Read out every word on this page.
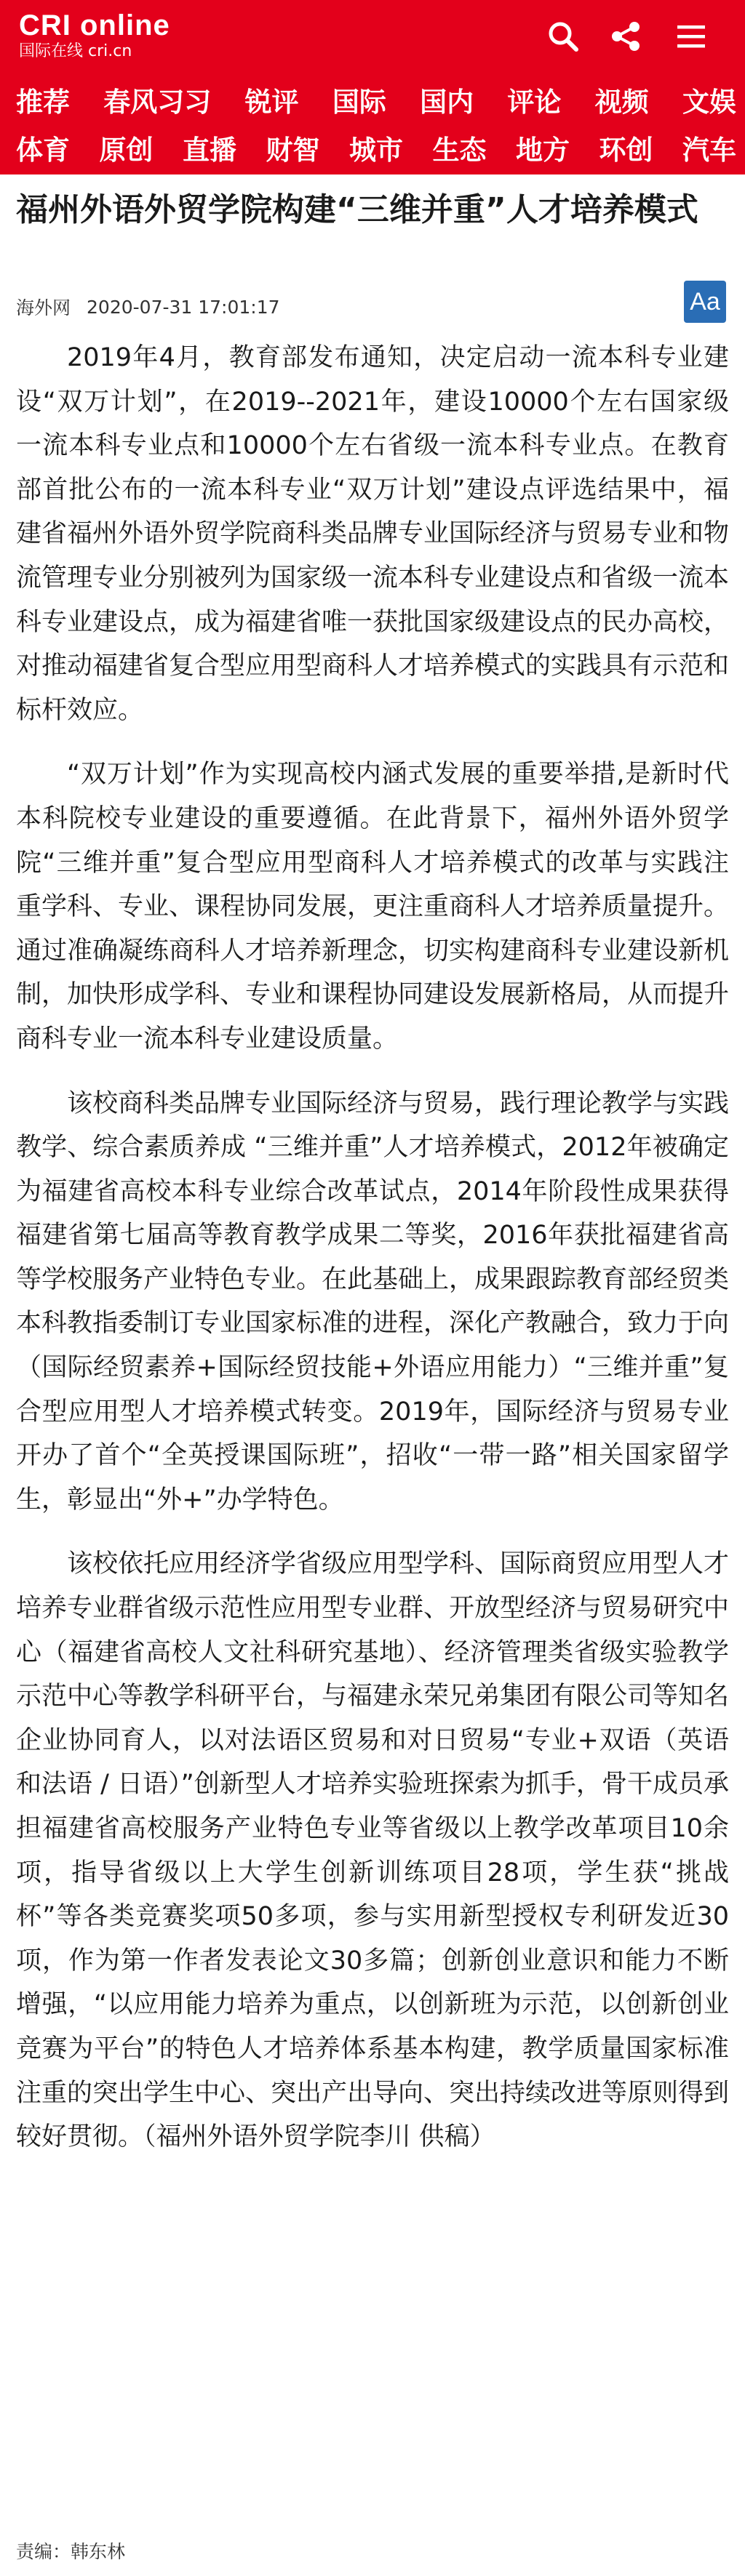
CRI online
国际在线 cri.cn
推荐 春风习习 锐评 国际 国内 评论 视频 文娱
体育 原创 直播 财智 城市 生态 地方 环创 汽车
福州外语外贸学院构建“三维并重”人才培养模式
海外网 2020-07-31 17:01:17	Aa

2019年4月，教育部发布通知，决定启动一流本科专业建设“双万计划”，在2019--2021年，建设10000个左右国家级一流本科专业点和10000个左右省级一流本科专业点。在教育部首批公布的一流本科专业“双万计划”建设点评选结果中，福建省福州外语外贸学院商科类品牌专业国际经济与贸易专业和物流管理专业分别被列为国家级一流本科专业建设点和省级一流本科专业建设点，成为福建省唯一获批国家级建设点的民办高校，对推动福建省复合型应用型商科人才培养模式的实践具有示范和标杆效应。

“双万计划”作为实现高校内涵式发展的重要举措,是新时代本科院校专业建设的重要遵循。在此背景下，福州外语外贸学院“三维并重”复合型应用型商科人才培养模式的改革与实践注重学科、专业、课程协同发展，更注重商科人才培养质量提升。通过准确凝练商科人才培养新理念，切实构建商科专业建设新机制，加快形成学科、专业和课程协同建设发展新格局，从而提升商科专业一流本科专业建设质量。

该校商科类品牌专业国际经济与贸易，践行理论教学与实践教学、综合素质养成 “三维并重”人才培养模式，2012年被确定为福建省高校本科专业综合改革试点，2014年阶段性成果获得福建省第七届高等教育教学成果二等奖，2016年获批福建省高等学校服务产业特色专业。在此基础上，成果跟踪教育部经贸类本科教指委制订专业国家标准的进程，深化产教融合，致力于向（国际经贸素养+国际经贸技能+外语应用能力）“三维并重”复合型应用型人才培养模式转变。2019年，国际经济与贸易专业开办了首个“全英授课国际班”，招收“一带一路”相关国家留学生，彰显出“外+”办学特色。

该校依托应用经济学省级应用型学科、国际商贸应用型人才培养专业群省级示范性应用型专业群、开放型经济与贸易研究中心（福建省高校人文社科研究基地）、经济管理类省级实验教学示范中心等教学科研平台，与福建永荣兄弟集团有限公司等知名企业协同育人，以对法语区贸易和对日贸易“专业+双语（英语和法语 / 日语）”创新型人才培养实验班探索为抓手，骨干成员承担福建省高校服务产业特色专业等省级以上教学改革项目10余项，指导省级以上大学生创新训练项目28项，学生获“挑战杯”等各类竞赛奖项50多项，参与实用新型授权专利研发近30项，作为第一作者发表论文30多篇；创新创业意识和能力不断增强，“以应用能力培养为重点，以创新班为示范，以创新创业竞赛为平台”的特色人才培养体系基本构建，教学质量国家标准注重的突出学生中心、突出产出导向、突出持续改进等原则得到较好贯彻。（福州外语外贸学院李川 供稿）

责编：韩东林
